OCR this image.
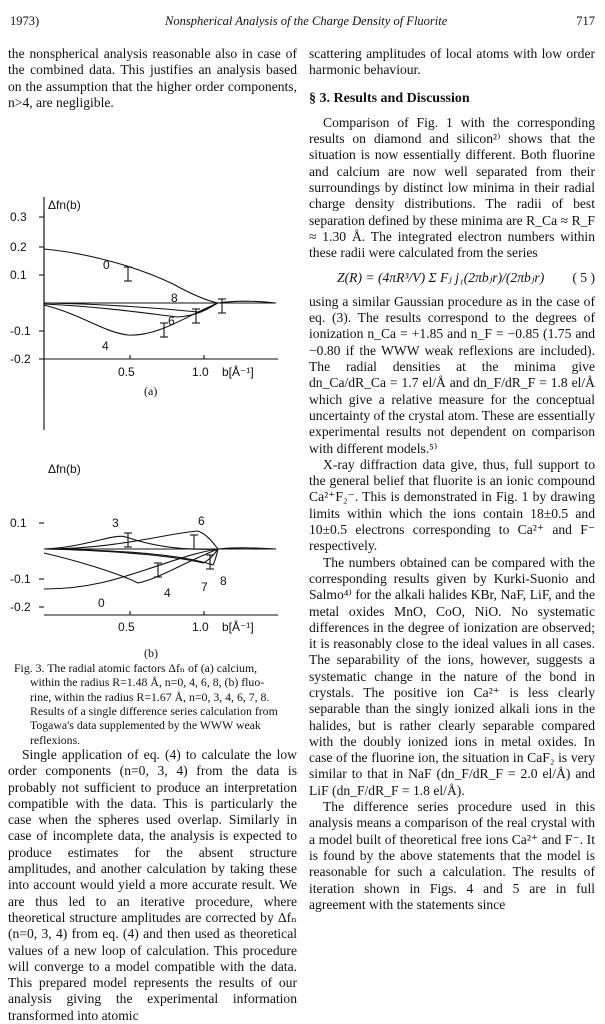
1973)	Nonspherical Analysis of the Charge Density of Fluorite	717

the nonspherical analysis reasonable also in case of the combined data. This justifies an analysis based on the assumption that the higher order components, n>4, are negligible.

Δfn(b)
0.3
0.2
0.1
-0.1
-0.2
0.5	1.0 b[Å⁻¹]
0
8
6
4
(a)
Δfn(b)
0.1
-0.1
-0.2
0.5	1.0 b[Å⁻¹]
3	6
0
4	7 8
(b)
Fig. 3. The radial atomic factors Δfₙ of (a) calcium,
within the radius R=1.48 Å, n=0, 4, 6, 8, (b) fluo-
rine, within the radius R=1.67 Å, n=0, 3, 4, 6, 7, 8.
Results of a single difference series calculation from
Togawa's data supplemented by the WWW weak
reflexions.

Single application of eq. (4) to calculate the low order components (n=0, 3, 4) from the data is probably not sufficient to produce an interpretation compatible with the data. This is particularly the case when the spheres used overlap. Similarly in case of incomplete data, the analysis is expected to produce estimates for the absent structure amplitudes, and another calculation by taking these into account would yield a more accurate result. We are thus led to an iterative procedure, where theoretical structure amplitudes are corrected by Δfₙ (n=0, 3, 4) from eq. (4) and then used as theoretical values of a new loop of calculation. This procedure will converge to a model compatible with the data. This prepared model represents the results of our analysis giving the experimental information transformed into atomic

scattering amplitudes of local atoms with low order harmonic behaviour.

§ 3. Results and Discussion

Comparison of Fig. 1 with the corresponding results on diamond and silicon²⁾ shows that the situation is now essentially different. Both fluorine and calcium are now well separated from their surroundings by distinct low minima in their radial charge density distributions. The radii of best separation defined by these minima are R_Ca ≈ R_F ≈ 1.30 Å. The integrated electron numbers within these radii were calculated from the series

Z(R) = (4πR³/V) Σ Fⱼ j₁(2πbⱼr)/(2πbⱼr) ( 5 )

using a similar Gaussian procedure as in the case of eq. (3). The results correspond to the degrees of ionization n_Ca = +1.85 and n_F = −0.85 (1.75 and −0.80 if the WWW weak reflexions are included). The radial densities at the minima give dn_Ca/dR_Ca = 1.7 el/Å and dn_F/dR_F = 1.8 el/Å which give a relative measure for the conceptual uncertainty of the crystal atom. These are essentially experimental results not dependent on comparison with different models.⁵⁾

X-ray diffraction data give, thus, full support to the general belief that fluorite is an ionic compound Ca²⁺F₂⁻. This is demonstrated in Fig. 1 by drawing limits within which the ions contain 18±0.5 and 10±0.5 electrons corresponding to Ca²⁺ and F⁻ respectively.

The numbers obtained can be compared with the corresponding results given by Kurki-Suonio and Salmo⁴⁾ for the alkali halides KBr, NaF, LiF, and the metal oxides MnO, CoO, NiO. No systematic differences in the degree of ionization are observed; it is reasonably close to the ideal values in all cases. The separability of the ions, however, suggests a systematic change in the nature of the bond in crystals. The positive ion Ca²⁺ is less clearly separable than the singly ionized alkali ions in the halides, but is rather clearly separable compared with the doubly ionized ions in metal oxides. In case of the fluorine ion, the situation in CaF₂ is very similar to that in NaF (dn_F/dR_F = 2.0 el/Å) and LiF (dn_F/dR_F = 1.8 el/Å).

The difference series procedure used in this analysis means a comparison of the real crystal with a model built of theoretical free ions Ca²⁺ and F⁻. It is found by the above statements that the model is reasonable for such a calculation. The results of iteration shown in Figs. 4 and 5 are in full agreement with the statements since
